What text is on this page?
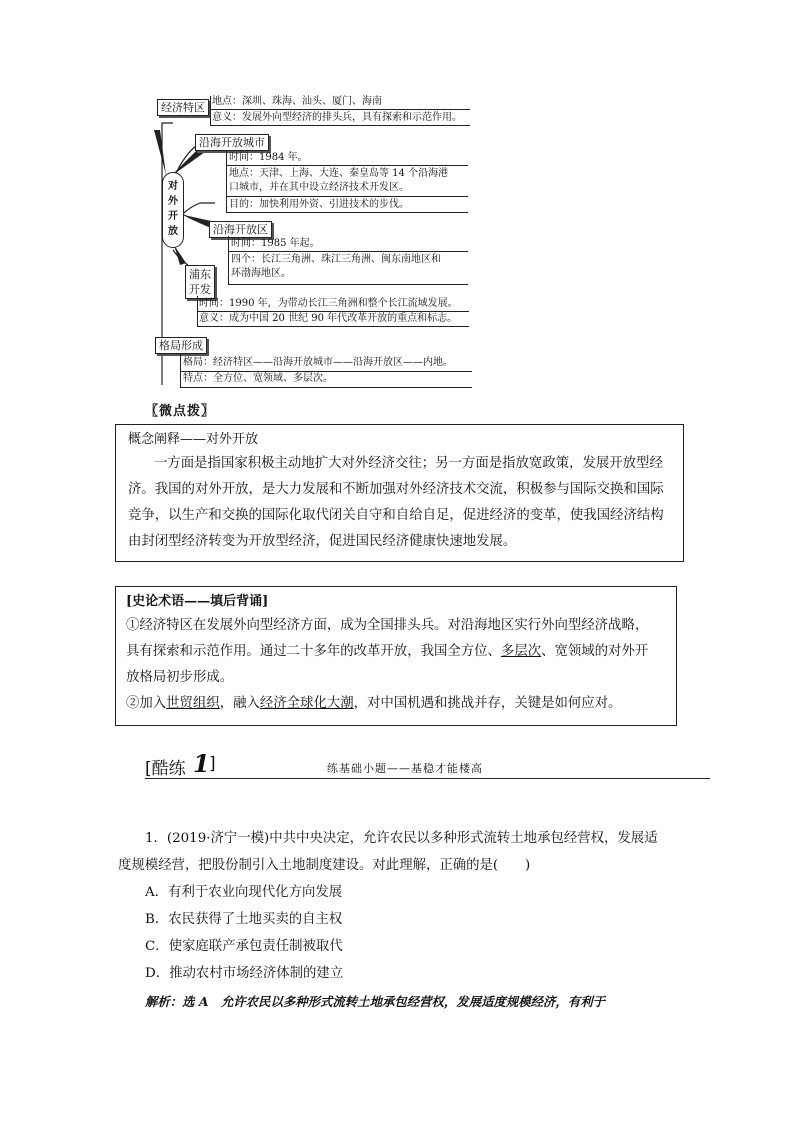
对
外
开
放
经济特区 地点：深圳、珠海、汕头、厦门、海南
意义：发展外向型经济的排头兵，具有探索和示范作用。
沿海开放城市
时间：1984 年。
地点：天津、上海、大连、秦皇岛等 14 个沿海港
口城市，并在其中设立经济技术开发区。
目的：加快利用外资、引进技术的步伐。
沿海开放区
时间：1985 年起。
四个：长江三角洲、珠江三角洲、闽东南地区和
环渤海地区。
浦东
开发
时间：1990 年，为带动长江三角洲和整个长江流域发展。
意义：成为中国 20 世纪 90 年代改革开放的重点和标志。
格局形成
格局：经济特区——沿海开放城市——沿海开放区——内地。
特点：全方位、宽领域、多层次。
〖微点拨〗

概念阐释——对外开放

一方面是指国家积极主动地扩大对外经济交往；另一方面是指放宽政策，发展开放型经

济。我国的对外开放，是大力发展和不断加强对外经济技术交流，积极参与国际交换和国际

竞争，以生产和交换的国际化取代闭关自守和自给自足，促进经济的变革，使我国经济结构

由封闭型经济转变为开放型经济，促进国民经济健康快速地发展。

[史论术语——填后背诵]

①经济特区在发展外向型经济方面，成为全国排头兵。对沿海地区实行外向型经济战略，

具有探索和示范作用。通过二十多年的改革开放，我国全方位、多层次、宽领域的对外开

放格局初步形成。

②加入世贸组织，融入经济全球化大潮，对中国机遇和挑战并存，关键是如何应对。

[酷练 1 ]	练基础小题——基稳才能楼高
1．(2019·济宁一模)中共中央决定，允许农民以多种形式流转土地承包经营权，发展适
度规模经营，把股份制引入土地制度建设。对此理解，正确的是(　　)
A．有利于农业向现代化方向发展
B．农民获得了土地买卖的自主权
C．使家庭联产承包责任制被取代
D．推动农村市场经济体制的建立
解析：选 A　允许农民以多种形式流转土地承包经营权，发展适度规模经济，有利于
